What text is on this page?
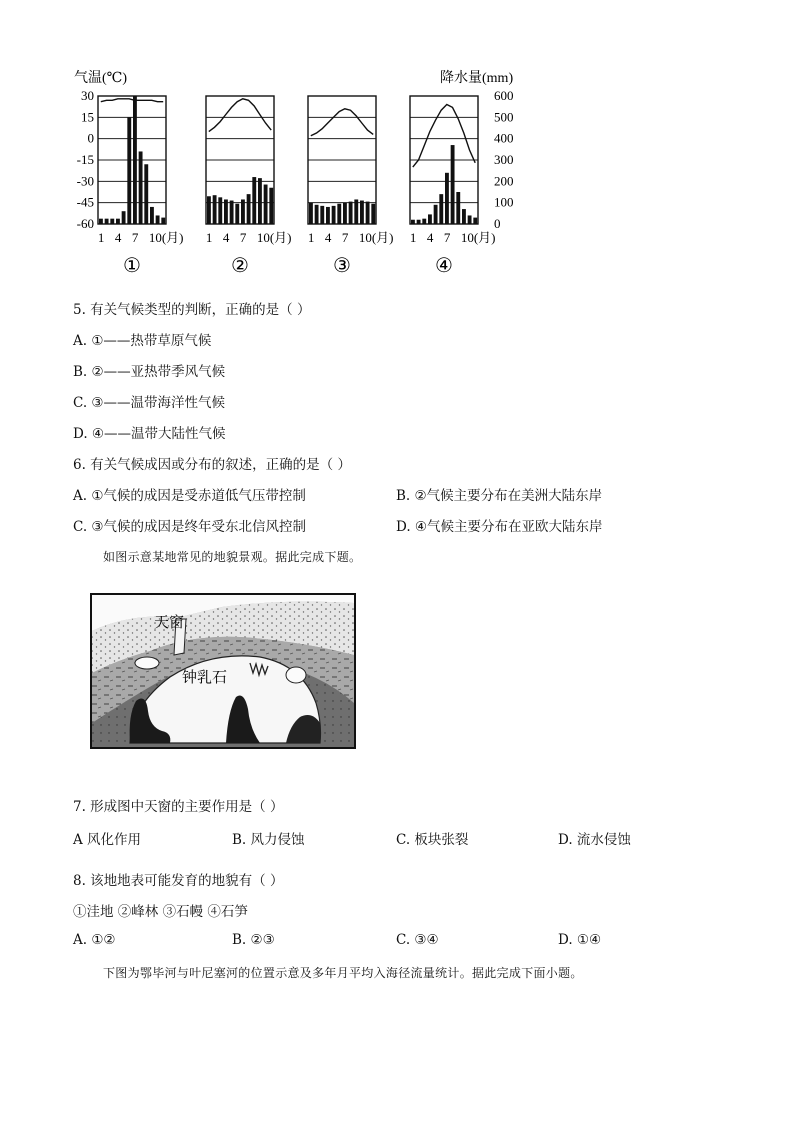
气温(℃)	降水量(mm)
30
15
0
-15
-30
-45
-60
600
500
400
300
200
100
0
1 4 7 10(月)
①
1 4 7 10(月)
②
1 4 7 10(月)
③
1 4 7 10(月)
④
5. 有关气候类型的判断，正确的是（ ）
A. ①——热带草原气候
B. ②——亚热带季风气候
C. ③——温带海洋性气候
D. ④——温带大陆性气候
6. 有关气候成因或分布的叙述，正确的是（ ）
A. ①气候的成因是受赤道低气压带控制	B. ②气候主要分布在美洲大陆东岸
C. ③气候的成因是终年受东北信风控制	D. ④气候主要分布在亚欧大陆东岸
如图示意某地常见的地貌景观。据此完成下题。
天窗
钟乳石
7. 形成图中天窗的主要作用是（ ）
A 风化作用	B. 风力侵蚀	C. 板块张裂	D. 流水侵蚀
8. 该地地表可能发育的地貌有（ ）
①洼地 ②峰林 ③石幔 ④石笋
A. ①②	B. ②③	C. ③④	D. ①④
下图为鄂毕河与叶尼塞河的位置示意及多年月平均入海径流量统计。据此完成下面小题。
